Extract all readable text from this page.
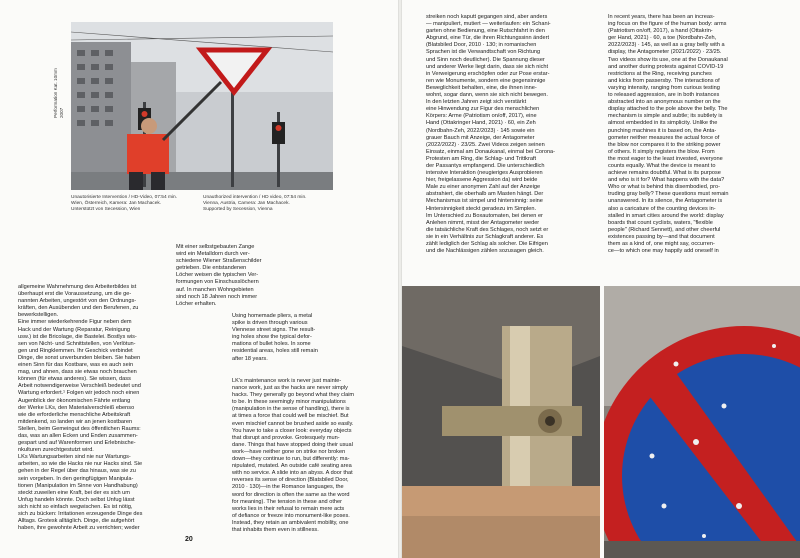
Performation Kat. 10mm
2007
Unautorisierte Intervention / HD-Video, 07:54 min.
Wien, Österreich, Kamera: Jan Machacek.
Unterstützt von Secession, Wien
Unauthorized intervention / HD video, 07:54 min.
Vienna, Austria, Camera: Jan Machacek.
Supported by Secession, Vienna
Mit einer selbstgebauten Zange
wird ein Metalldorn durch ver-
schiedene Wiener Straßenschilder
getrieben. Die entstandenen
Löcher weisen die typischen Ver-
formungen von Einschusslöchern
auf. In manchen Wohngebieten
sind noch 18 Jahren noch immer
Löcher erhalten.
Using homemade pliers, a metal
spike is driven through various
Viennese street signs. The result-
ing holes show the typical defor-
mations of bullet holes. In some
residential areas, holes still remain
after 18 years.
allgemeine Wahrnehmung des Arbeiterbildes ist
überhaupt erst die Voraussetzung, um die ge-
nannten Arbeiten, ungestört von den Ordnungs-
kräften, den Ausübenden und den Berufenen, zu
bewerkstelligen.
Eine immer wiederkehrende Figur neben dem
Hack und der Wartung (Reparatur, Reinigung
usw.) ist die Bricolage, die Bastelei. Bostlys wis-
sen von Nicht- und Schnittstellen, von Verlötun-
gen und Ringklemmen. Ihr Geschick verbindet
Dinge, die sonst unverbunden bleiben. Sie haben
einen Sinn für das Kostbare, was es auch sein
mag, und ahnen, dass sie etwas noch brauchen
können (für etwas anderes). Sie wissen, dass
Arbeit notwendigerweise Verschleiß bedeutet und
Wartung erfordert.¹ Folgen wir jedoch noch einen
Augenblick der ökonomischen Fährte entlang
der Werke LKs, den Materialverschleiß ebenso
wie die erforderliche menschliche Arbeitskraft
mitdenkend, so landen wir an jenen kostbaren
Stellen, beim Gemeingut des öffentlichen Raums:
das, was an allen Ecken und Enden zusammen-
gespart und auf Warenformen und Erlebnische-
nkulturen zurechtgestutzt wird.
LKs Wartungsarbeiten sind nie nur Wartungs-
arbeiten, so wie die Hacks nie nur Hacks sind. Sie
gehen in der Regel über das hinaus, was sie zu
sein vorgeben. In den geringfügigen Manipula-
tionen (Manipulation im Sinne von Handhabung)
steckt zuweilen eine Kraft, bei der es sich um
Unfug handeln könnte. Doch selbst Unfug lässt
sich nicht so einfach wegwischen. Es ist nötig,
sich zu bücken: Irritationen erzeugende Dinge des
Alltags. Grotesk alltäglich. Dinge, die aufgehört
haben, ihre gewohnte Arbeit zu verrichten; weder
LK's maintenance work is never just mainte-
nance work, just as the hacks are never simply
hacks. They generally go beyond what they claim
to be. In these seemingly minor manipulations
(manipulation in the sense of handling), there is
at times a force that could well be mischief. But
even mischief cannot be brushed aside so easily.
You have to take a closer look: everyday objects
that disrupt and provoke. Grotesquely mun-
dane. Things that have stopped doing their usual
work—have neither gone on strike nor broken
down—they continue to run, but differently: ma-
nipulated, mutated. An outside café seating area
with no service. A slide into an abyss. A door that
reverses its sense of direction (Blatsbiled Door,
2010 · 130)—in the Romance languages, the
word for direction is often the same as the word
for meaning). The tension in these and other
works lies in their refusal to remain mere acts
of defiance or freeze into monument-like poses.
Instead, they retain an ambivalent mobility, one
that inhabits them even in stillness.
20
streiken noch kaputt gegangen sind, aber anders
— manipuliert, mutiert — weiterlaufen: ein Schani-
garten ohne Bedienung, eine Rutschfahrt in den
Abgrund, eine Tür, die ihren Richtungssinn ändert
(Blatsbiled Door, 2010 · 130; in romanischen
Sprachen ist die Verwandtschaft von Richtung
und Sinn noch deutlicher). Die Spannung dieser
und anderer Werke liegt darin, dass sie sich nicht
in Verweigerung erschöpfen oder zur Pose erstar-
ren wie Monumente, sondern eine gegensinnige
Beweglichkeit behalten, eine, die ihnen inne-
wohnt, sogar dann, wenn sie sich nicht bewegen.
In den letzten Jahren zeigt sich verstärkt
eine Hinwendung zur Figur des menschlichen
Körpers: Arme (Patriotism on/off, 2017), eine
Hand (Ottakringer Hand, 2021) · 60, ein Zeh
(Nordbahn-Zeh, 2022/2023) · 145 sowie ein
grauer Bauch mit Anzeige, der Antagometer
(2022/2022) · 23/25. Zwei Videos zeigen seinen
Einsatz, einmal am Donaukanal, einmal bei Corona-
Protesten am Ring, die Schlag- und Trittkraft
der Passantys empfangend. Die unterschiedlich
intensive Interaktion (neugieriges Ausprobieren
hier, freigelassene Aggression da) wird beide
Male zu einer anonymen Zahl auf der Anzeige
abstrahiert, die oberhalb am Masten hängt. Der
Mechanismus ist simpel und hintersinnig: seine
Hintersinnigkeit steckt geradezu im Simplen.
Im Unterschied zu Boxautomaten, bei denen er
Anlehen nimmt, misst der Antagometer weder
die tatsächliche Kraft des Schlages, noch setzt er
sie in ein Verhältnis zur Schlagkraft anderer. Es
zählt lediglich der Schlag als solcher. Die Eifrigen
und die Nachlässigen zählen sozusagen gleich.
In recent years, there has been an increas-
ing focus on the figure of the human body: arms
(Patriotism on/off, 2017), a hand (Ottakrin-
ger Hand, 2021) · 60, a toe (Nordbahn-Zeh,
2022/2023) · 145, as well as a gray belly with a
display, the Antagometer (2021/2022) · 23/25.
Two videos show its use, one at the Donaukanal
and another during protests against COVID-19
restrictions at the Ring, receiving punches
and kicks from passersby. The interactions of
varying intensity, ranging from curious testing
to released aggression, are in both instances
abstracted into an anonymous number on the
display attached to the pole above the belly. The
mechanism is simple and subtle; its subtlety is
almost embedded in its simplicity. Unlike the
punching machines it is based on, the Anta-
gometer neither measures the actual force of
the blow nor compares it to the striking power
of others. It simply registers the blow. From
the most eager to the least invested, everyone
counts equally. What the device is meant to
achieve remains doubtful. What is its purpose
and who is it for? What happens with the data?
Who or what is behind this disembodied, pro-
truding gray belly? These questions must remain
unanswered. In its silence, the Antagometer is
also a caricature of the counting devices in-
stalled in smart cities around the world: display
boards that count cyclists, waters, "flexible
people" (Richard Sennett), and other cheerful
existences passing by—and that document
them as a kind of, one might say, occurren-
ce—to which one may happily add oneself in
